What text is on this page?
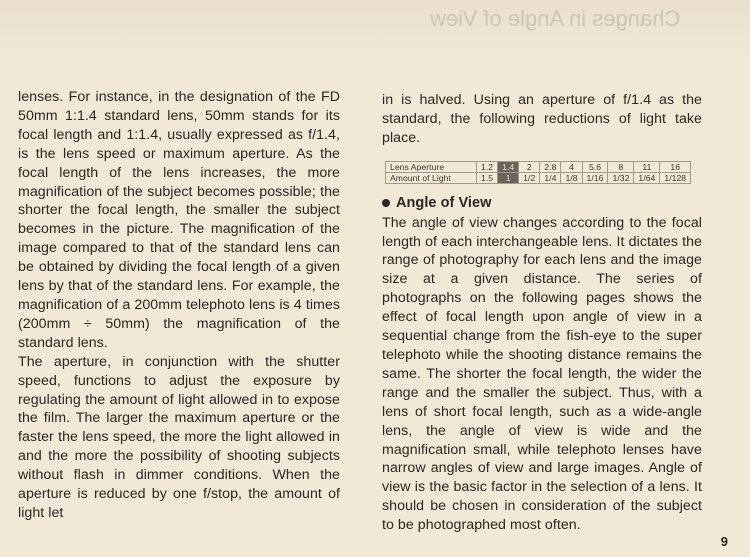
Changes in Angle of View

lenses. For instance, in the designation of the FD 50mm 1:1.4 standard lens, 50mm stands for its focal length and 1:1.4, usually expressed as f/1.4, is the lens speed or maximum aperture. As the focal length of the lens increases, the more magnification of the subject becomes possible; the shorter the focal length, the smaller the subject becomes in the picture. The magnification of the image compared to that of the standard lens can be obtained by dividing the focal length of a given lens by that of the standard lens. For example, the magnification of a 200mm telephoto lens is 4 times (200mm ÷ 50mm) the magnification of the standard lens.

The aperture, in conjunction with the shutter speed, functions to adjust the exposure by regulating the amount of light allowed in to expose the film. The larger the maximum aperture or the faster the lens speed, the more the light allowed in and the more the possibility of shooting subjects without flash in dimmer conditions. When the aperture is reduced by one f/stop, the amount of light let

in is halved. Using an aperture of f/1.4 as the standard, the following reductions of light take place.

Lens Aperture	1.2	1.4	2	2.8	4	5.6	8	11	16
Amount of Light	1.5	1	1/2	1/4	1/8	1/16	1/32	1/64	1/128
Angle of View

The angle of view changes according to the focal length of each interchangeable lens. It dictates the range of photography for each lens and the image size at a given distance. The series of photographs on the following pages shows the effect of focal length upon angle of view in a sequential change from the fish-eye to the super telephoto while the shooting distance remains the same. The shorter the focal length, the wider the range and the smaller the subject. Thus, with a lens of short focal length, such as a wide-angle lens, the angle of view is wide and the magnification small, while telephoto lenses have narrow angles of view and large images. Angle of view is the basic factor in the selection of a lens. It should be chosen in consideration of the subject to be photographed most often.

9
